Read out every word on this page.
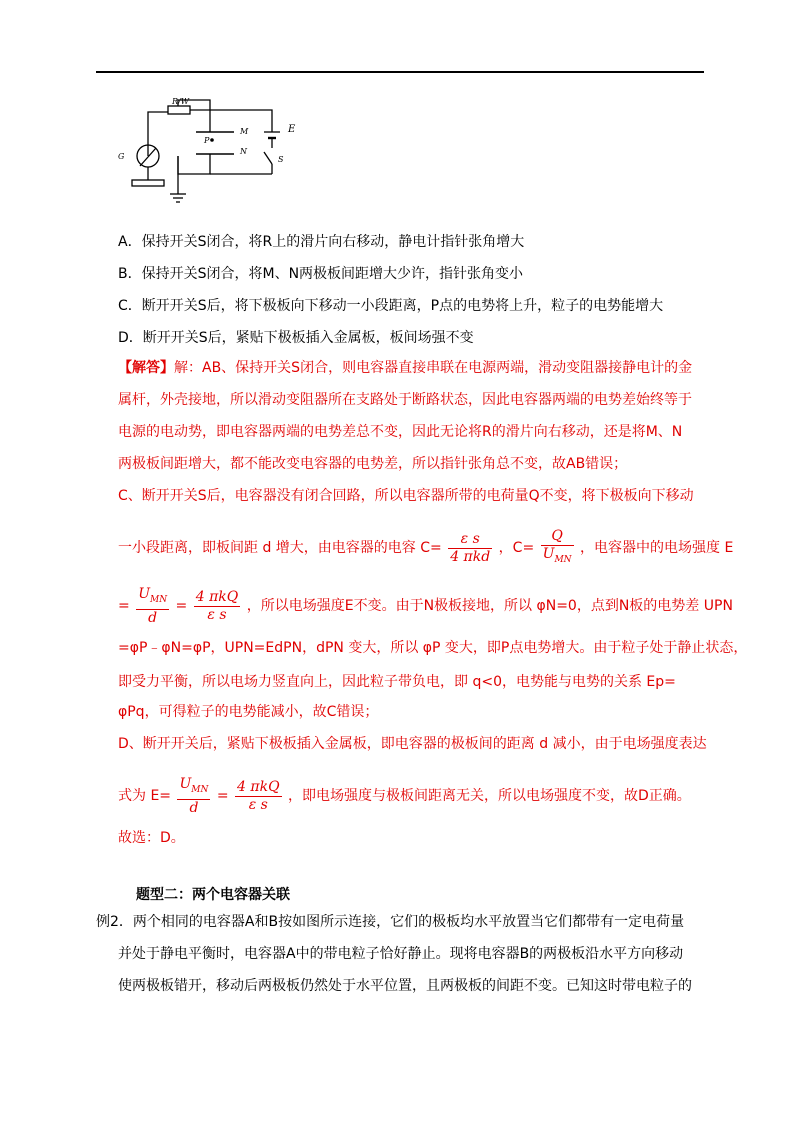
R/W
M
N
P
E
S
G
A．保持开关S闭合，将R上的滑片向右移动，静电计指针张角增大
B．保持开关S闭合，将M、N两极板间距增大少许，指针张角变小
C．断开开关S后，将下极板向下移动一小段距离，P点的电势将上升，粒子的电势能增大
D．断开开关S后，紧贴下极板插入金属板，板间场强不变
【解答】解：AB、保持开关S闭合，则电容器直接串联在电源两端，滑动变阻器接静电计的金
属杆，外壳接地，所以滑动变阻器所在支路处于断路状态，因此电容器两端的电势差始终等于
电源的电动势，即电容器两端的电势差总不变，因此无论将R的滑片向右移动，还是将M、N
两极板间距增大，都不能改变电容器的电势差，所以指针张角总不变，故AB错误；
C、断开开关S后，电容器没有闭合回路，所以电容器所带的电荷量Q不变，将下极板向下移动
一小段距离，即板间距 d 增大，由电容器的电容 $C= \frac{\text{ε s}}{\text{4 πkd}}$ ，$C= \frac{Q}{U_{MN}}$ ，电容器中的电场强度 E
= $\frac{U_{MN}}{d} = \frac{\text{4 πkQ}}{\text{ε s}}$ ，所以电场强度E不变。由于N极板接地，所以 φN=0，点到N板的电势差 UPN
=φP﹣φN=φP，UPN=EdPN，dPN 变大，所以 φP 变大，即P点电势增大。由于粒子处于静止状态，
即受力平衡，所以电场力竖直向上，因此粒子带负电，即 q<0，电势能与电势的关系 Ep=
φPq，可得粒子的电势能减小，故C错误；
D、断开开关后，紧贴下极板插入金属板，即电容器的极板间的距离 d 减小，由于电场强度表达
式为 $E= \frac{U_{MN}}{d} = \frac{\text{4 πkQ}}{\text{ε s}}$ ，即电场强度与极板间距离无关，所以电场强度不变，故D正确。
故选：D。
题型二：两个电容器关联
例2．两个相同的电容器A和B按如图所示连接，它们的极板均水平放置当它们都带有一定电荷量
并处于静电平衡时，电容器A中的带电粒子恰好静止。现将电容器B的两极板沿水平方向移动
使两极板错开，移动后两极板仍然处于水平位置，且两极板的间距不变。已知这时带电粒子的
